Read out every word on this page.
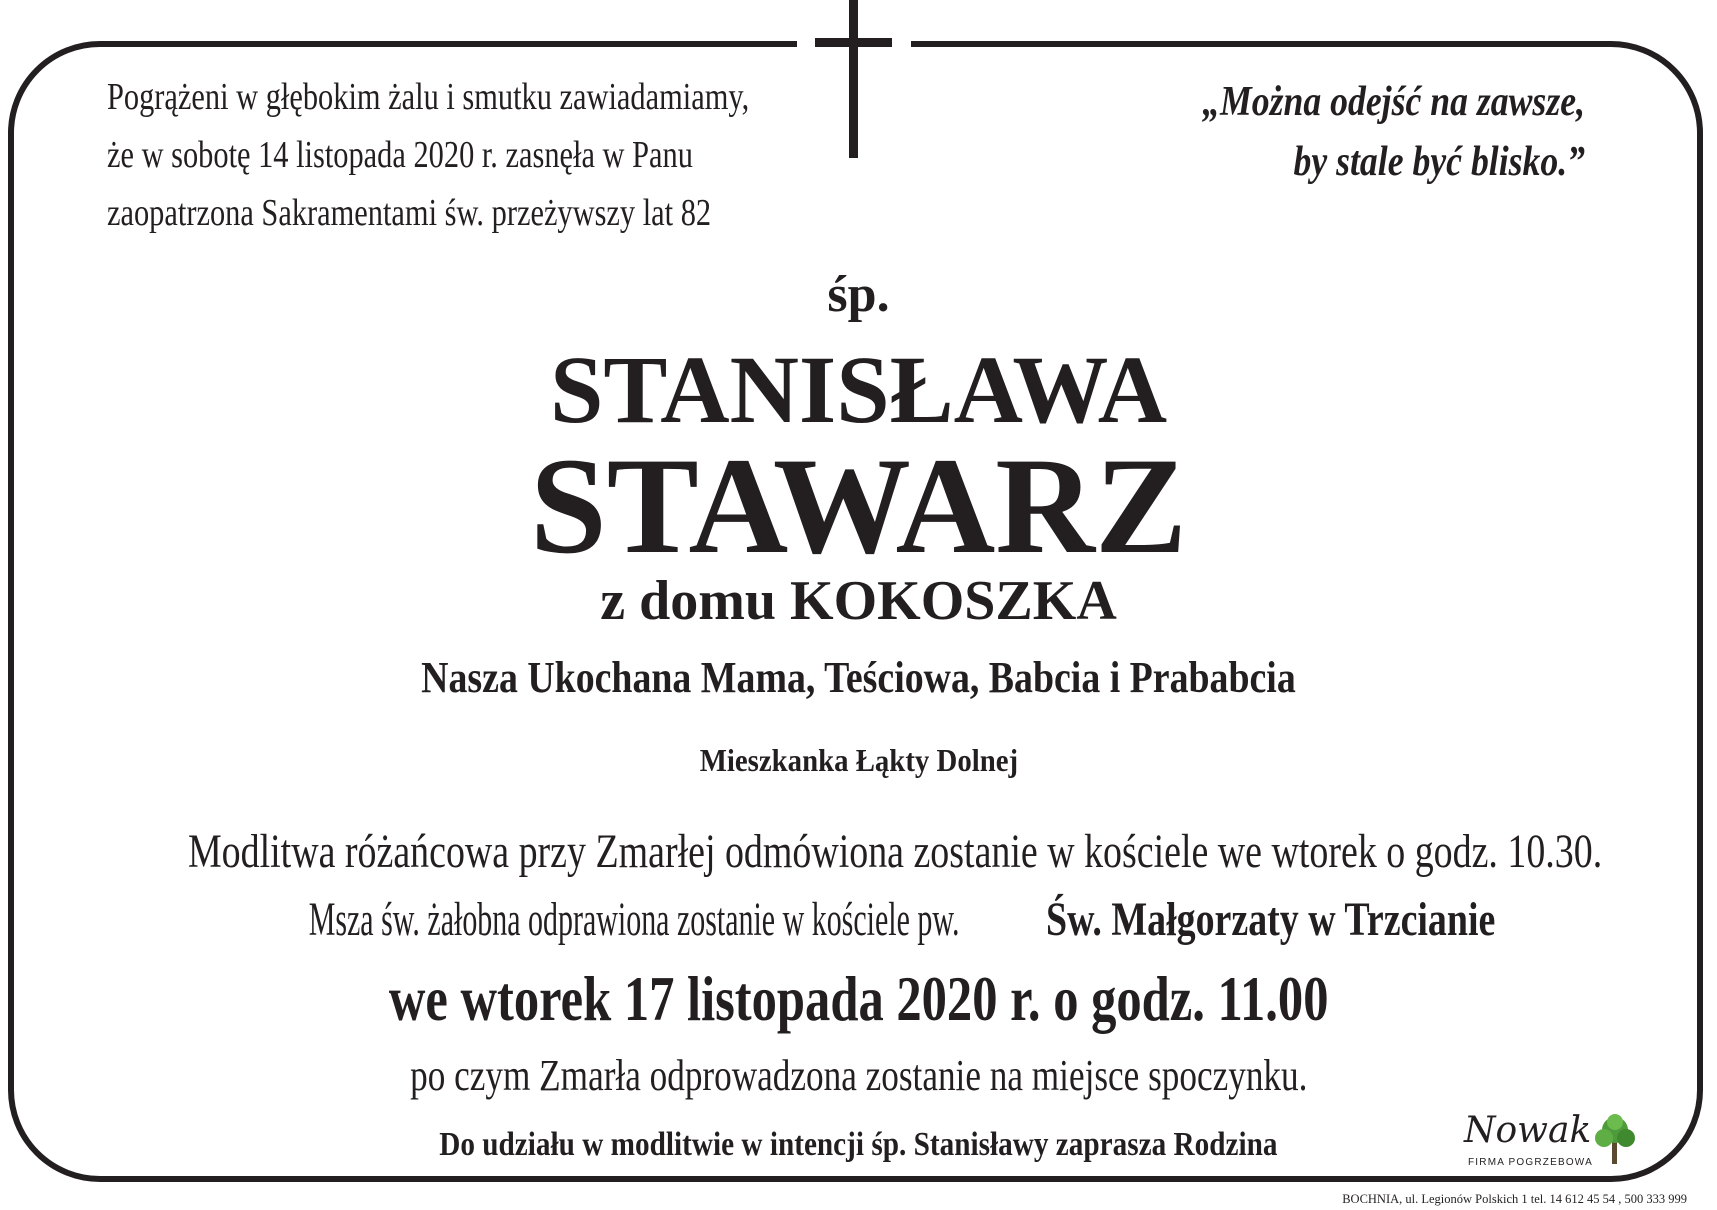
Pogrążeni w głębokim żalu i smutku zawiadamiamy,
że w sobotę 14 listopada 2020 r. zasnęła w Panu
zaopatrzona Sakramentami św. przeżywszy lat 82
„Można odejść na zawsze,
by stale być blisko.”
śp.
STANISŁAWA
STAWARZ
z domu KOKOSZKA
Nasza Ukochana Mama, Teściowa, Babcia i Prababcia
Mieszkanka Łąkty Dolnej
Modlitwa różańcowa przy Zmarłej odmówiona zostanie w kościele we wtorek o godz. 10.30.
Msza św. żałobna odprawiona zostanie w kościele pw.Św. Małgorzaty w Trzcianie
we wtorek 17 listopada 2020 r. o godz. 11.00
po czym Zmarła odprowadzona zostanie na miejsce spoczynku.
Do udziału w modlitwie w intencji śp. Stanisławy zaprasza Rodzina	Nowak
FIRMA POGRZEBOWA
BOCHNIA, ul. Legionów Polskich 1 tel. 14 612 45 54 , 500 333 999
